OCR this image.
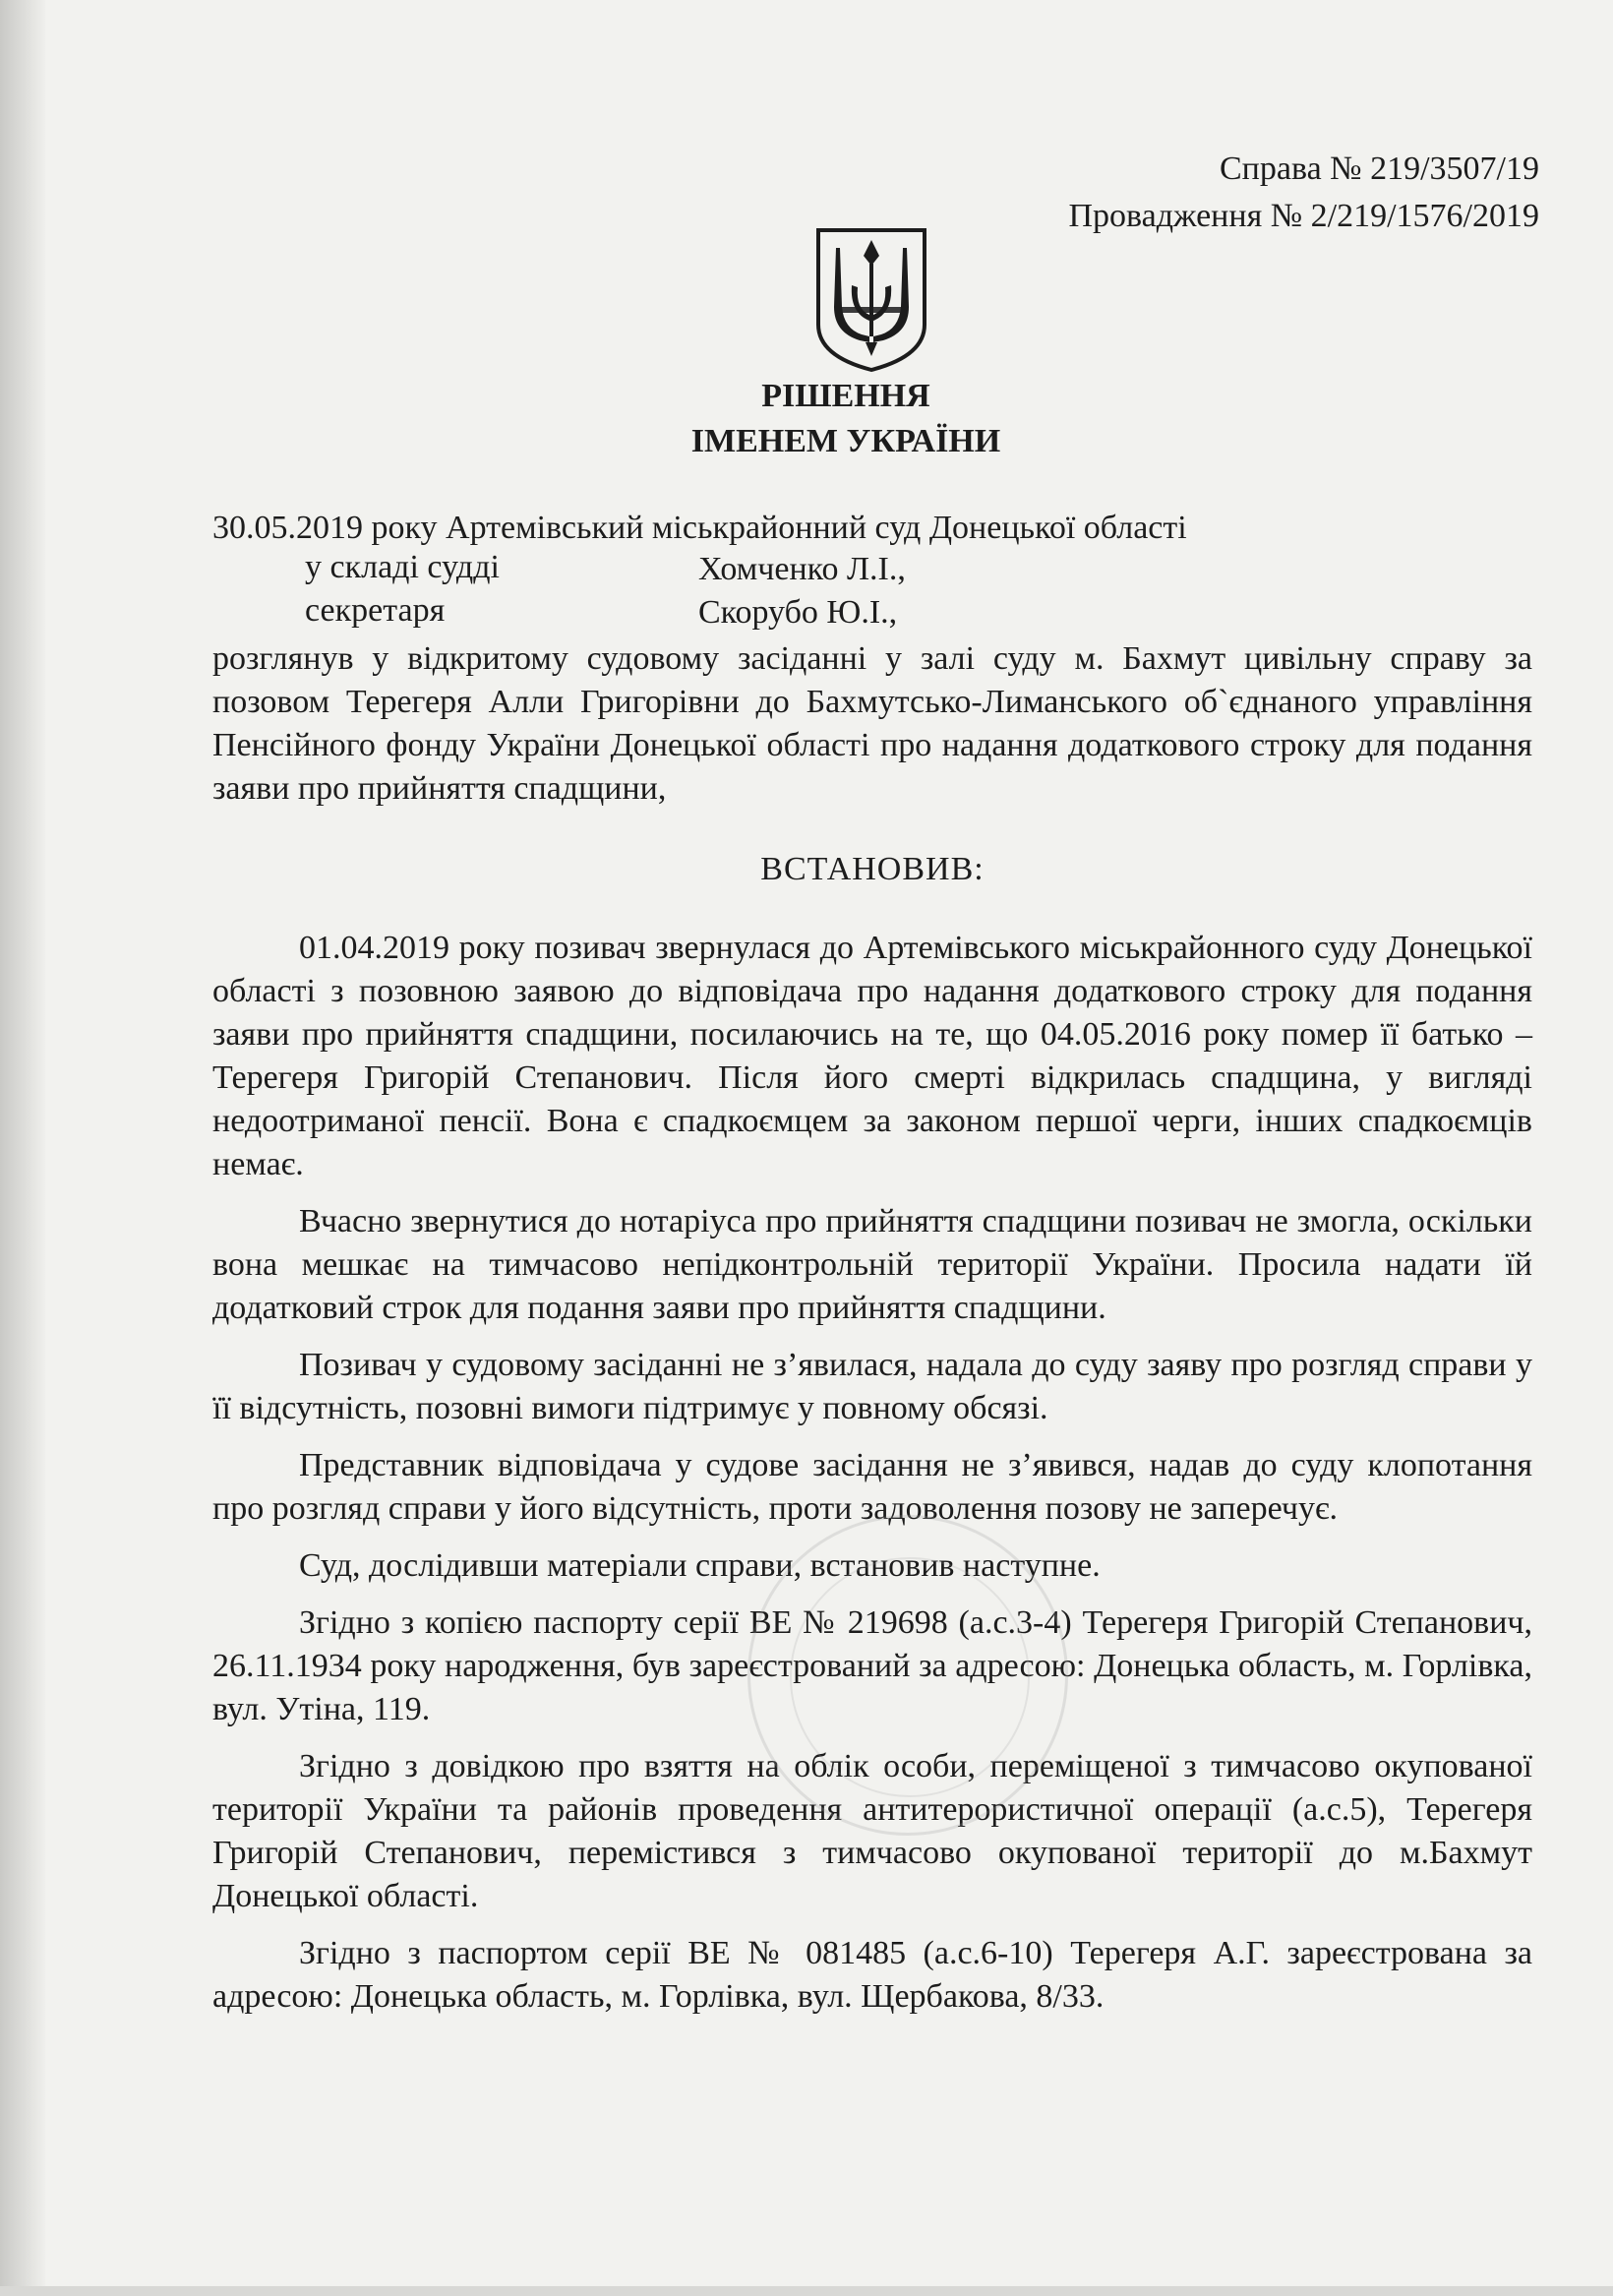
Справа № 219/3507/19
Провадження № 2/219/1576/2019
РІШЕННЯ
ІМЕНЕМ УКРАЇНИ
30.05.2019 року Артемівський міськрайонний суд Донецької області
у складі судді	Хомченко Л.І.,
секретаря	Скорубо Ю.І.,

розглянув у відкритому судовому засіданні у залі суду м. Бахмут цивільну справу за позовом Терегеря Алли Григорівни до Бахмутсько-Лиманського об`єднаного управління Пенсійного фонду України Донецької області про надання додаткового строку для подання заяви про прийняття спадщини,

ВСТАНОВИВ:

01.04.2019 року позивач звернулася до Артемівського міськрайонного суду Донецької області з позовною заявою до відповідача про надання додаткового строку для подання заяви про прийняття спадщини, посилаючись на те, що 04.05.2016 року помер її батько – Терегеря Григорій Степанович. Після його смерті відкрилась спадщина, у вигляді недоотриманої пенсії. Вона є спадкоємцем за законом першої черги, інших спадкоємців немає.

Вчасно звернутися до нотаріуса про прийняття спадщини позивач не змогла, оскільки вона мешкає на тимчасово непідконтрольній території України. Просила надати їй додатковий строк для подання заяви про прийняття спадщини.

Позивач у судовому засіданні не з’явилася, надала до суду заяву про розгляд справи у її відсутність, позовні вимоги підтримує у повному обсязі.

Представник відповідача у судове засідання не з’явився, надав до суду клопотання про розгляд справи у його відсутність, проти задоволення позову не заперечує.

Суд, дослідивши матеріали справи, встановив наступне.

Згідно з копією паспорту серії ВЕ № 219698 (а.с.3-4) Терегеря Григорій Степанович, 26.11.1934 року народження, був зареєстрований за адресою: Донецька область, м. Горлівка, вул. Утіна, 119.

Згідно з довідкою про взяття на облік особи, переміщеної з тимчасово окупованої території України та районів проведення антитерористичної операції (а.с.5), Терегеря Григорій Степанович, перемістився з тимчасово окупованої території до м.Бахмут Донецької області.

Згідно з паспортом серії ВЕ № 081485 (а.с.6-10) Терегеря А.Г. зареєстрована за адресою: Донецька область, м. Горлівка, вул. Щербакова, 8/33.
